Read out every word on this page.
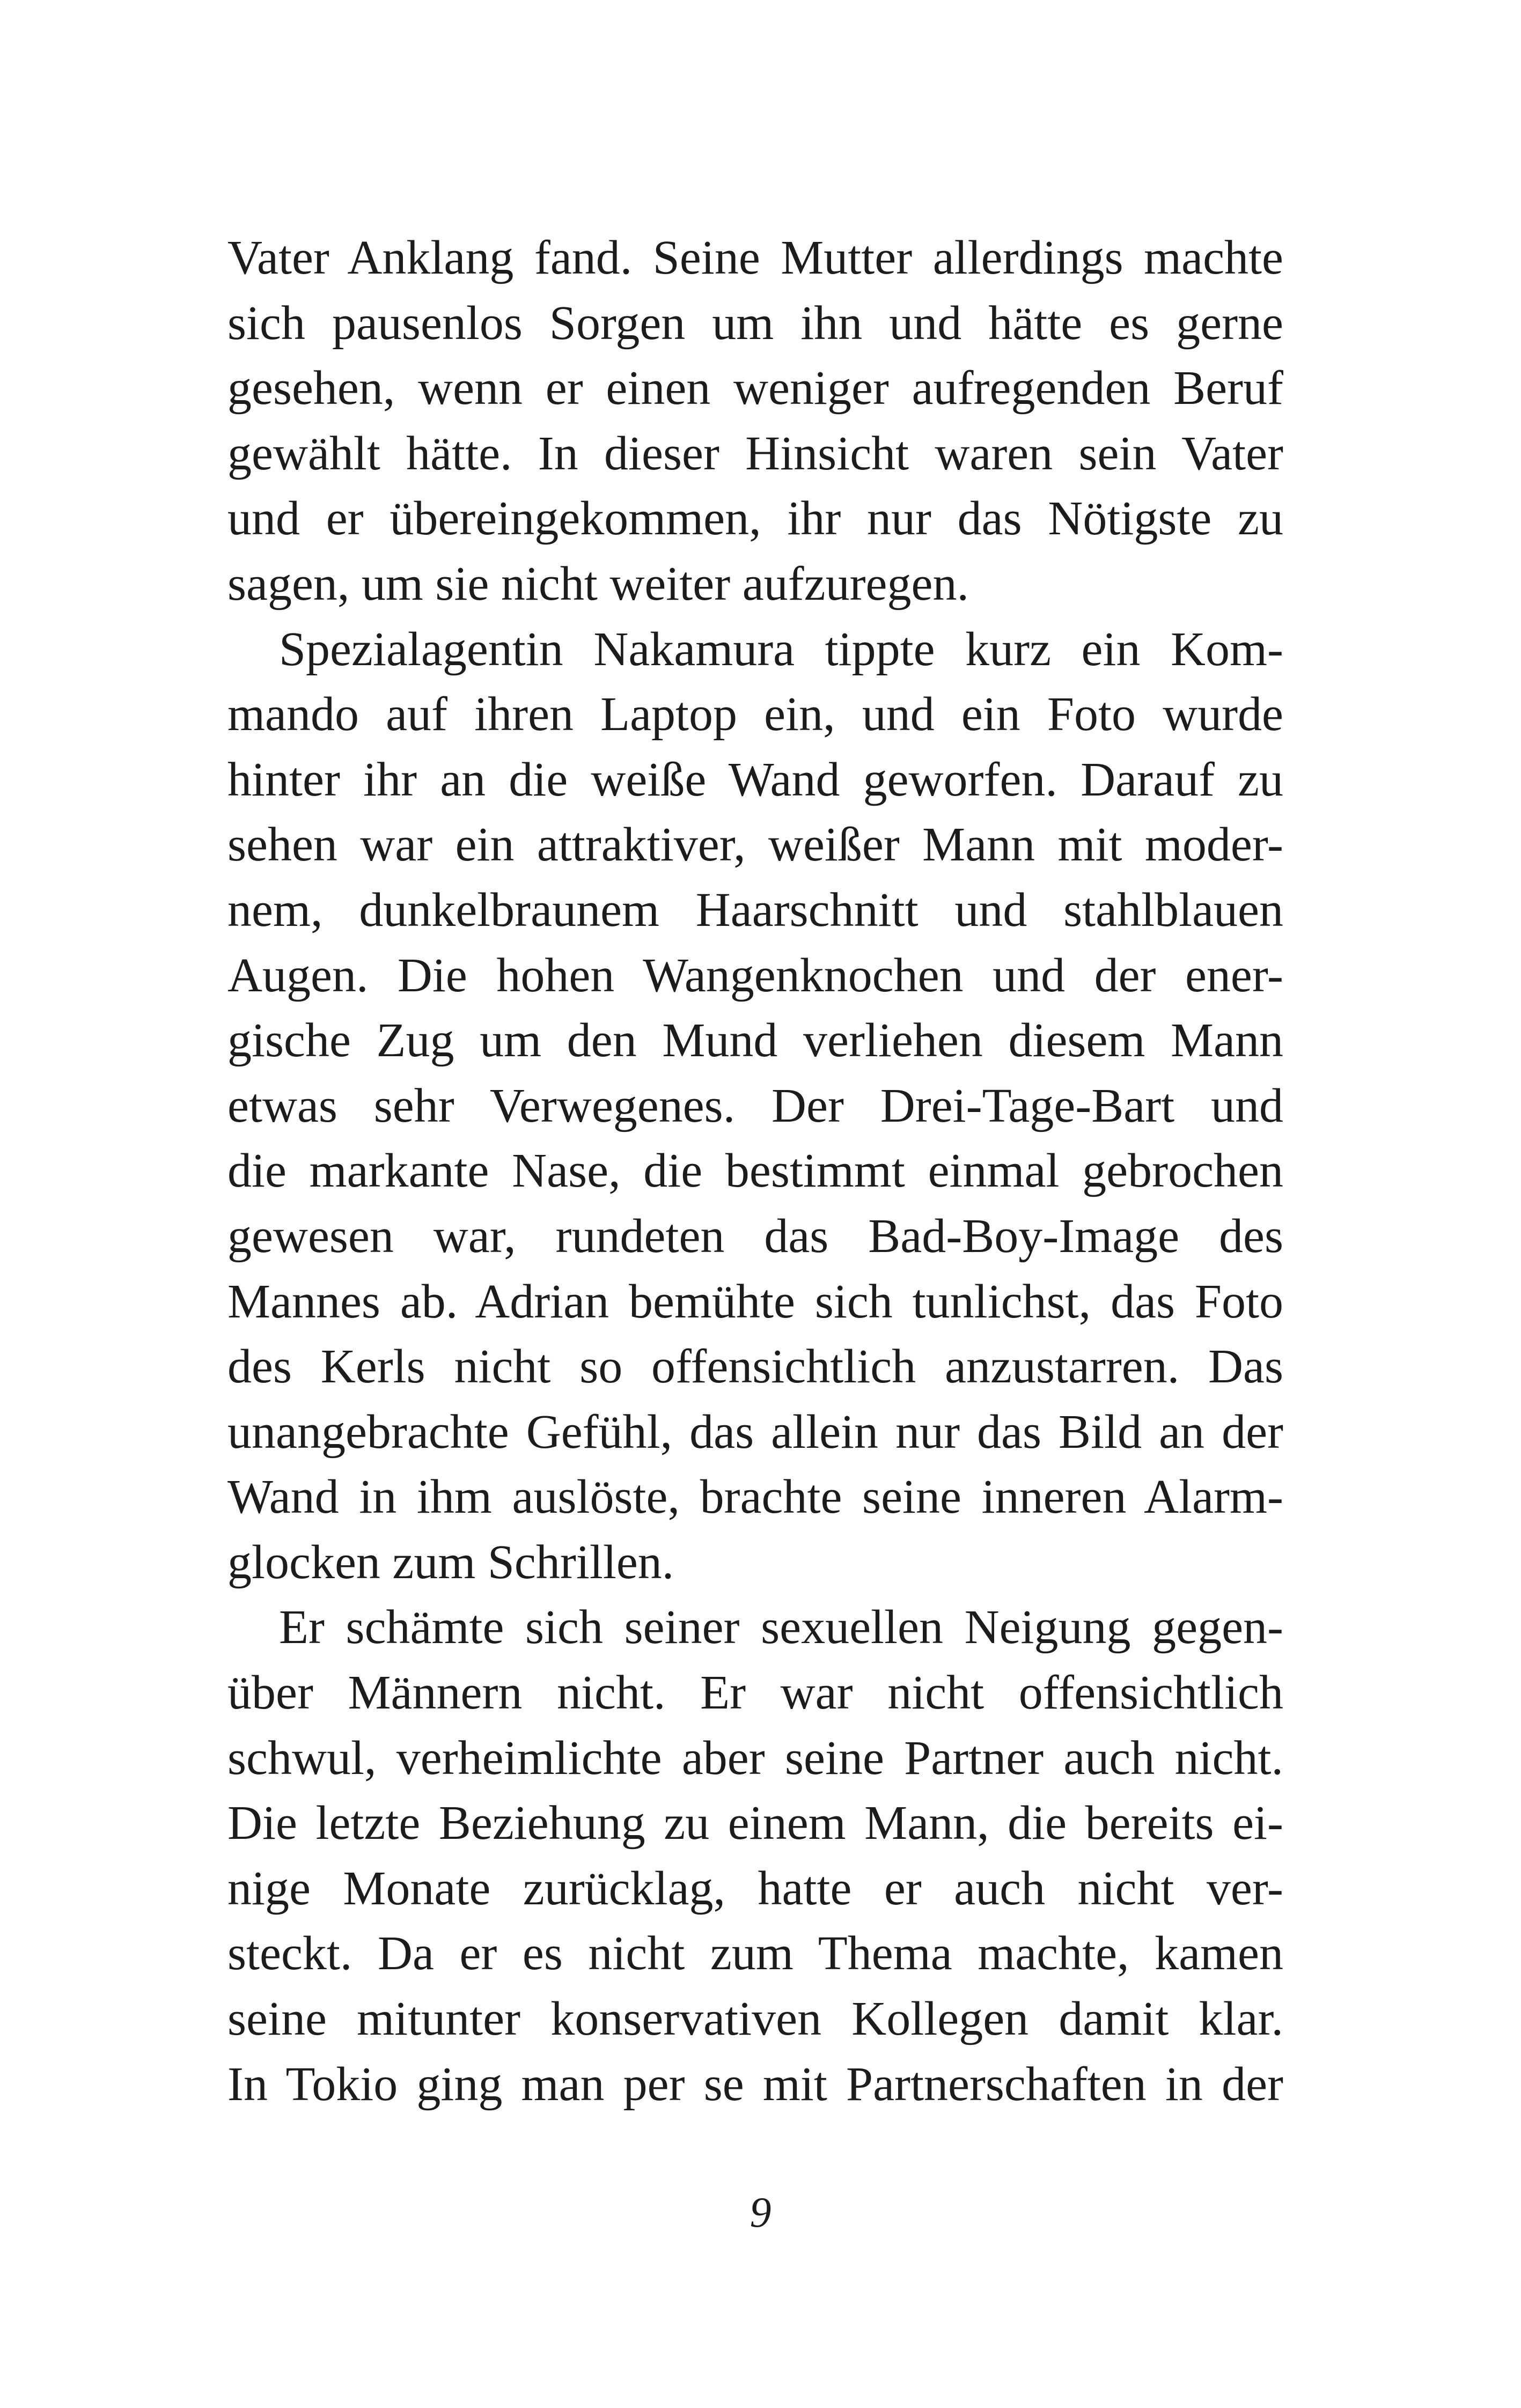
Vater Anklang fand. Seine Mutter allerdings machte
sich pausenlos Sorgen um ihn und hätte es gerne
gesehen, wenn er einen weniger aufregenden Beruf
gewählt hätte. In dieser Hinsicht waren sein Vater
und er übereingekommen, ihr nur das Nötigste zu
sagen, um sie nicht weiter aufzuregen.
Spezialagentin Nakamura tippte kurz ein Kom-
mando auf ihren Laptop ein, und ein Foto wurde
hinter ihr an die weiße Wand geworfen. Darauf zu
sehen war ein attraktiver, weißer Mann mit moder-
nem, dunkelbraunem Haarschnitt und stahlblauen
Augen. Die hohen Wangenknochen und der ener-
gische Zug um den Mund verliehen diesem Mann
etwas sehr Verwegenes. Der Drei-Tage-Bart und
die markante Nase, die bestimmt einmal gebrochen
gewesen war, rundeten das Bad-Boy-Image des
Mannes ab. Adrian bemühte sich tunlichst, das Foto
des Kerls nicht so offensichtlich anzustarren. Das
unangebrachte Gefühl, das allein nur das Bild an der
Wand in ihm auslöste, brachte seine inneren Alarm-
glocken zum Schrillen.
Er schämte sich seiner sexuellen Neigung gegen-
über Männern nicht. Er war nicht offensichtlich
schwul, verheimlichte aber seine Partner auch nicht.
Die letzte Beziehung zu einem Mann, die bereits ei-
nige Monate zurücklag, hatte er auch nicht ver-
steckt. Da er es nicht zum Thema machte, kamen
seine mitunter konservativen Kollegen damit klar.
In Tokio ging man per se mit Partnerschaften in der
9
